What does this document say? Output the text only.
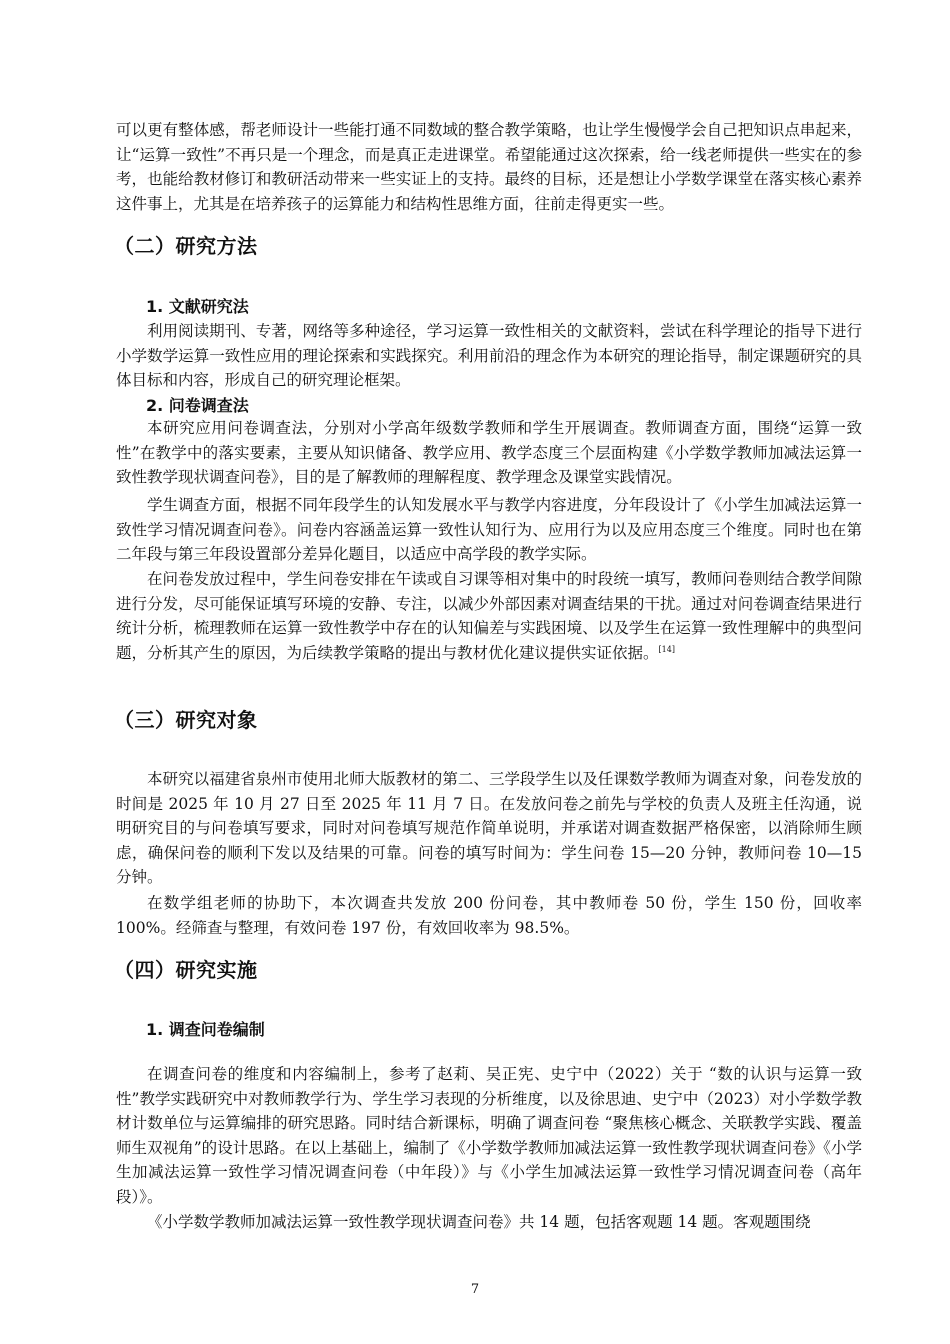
可以更有整体感，帮老师设计一些能打通不同数域的整合教学策略，也让学生慢慢学会自己把知识点串起来，让“运算一致性”不再只是一个理念，而是真正走进课堂。希望能通过这次探索，给一线老师提供一些实在的参考，也能给教材修订和教研活动带来一些实证上的支持。最终的目标，还是想让小学数学课堂在落实核心素养这件事上，尤其是在培养孩子的运算能力和结构性思维方面，往前走得更实一些。

（二）研究方法
1. 文献研究法

利用阅读期刊、专著，网络等多种途径，学习运算一致性相关的文献资料，尝试在科学理论的指导下进行小学数学运算一致性应用的理论探索和实践探究。利用前沿的理念作为本研究的理论指导，制定课题研究的具体目标和内容，形成自己的研究理论框架。

2. 问卷调查法

本研究应用问卷调查法，分别对小学高年级数学教师和学生开展调查。教师调查方面，围绕“运算一致性”在教学中的落实要素，主要从知识储备、教学应用、教学态度三个层面构建《小学数学教师加减法运算一致性教学现状调查问卷》，目的是了解教师的理解程度、教学理念及课堂实践情况。

学生调查方面，根据不同年段学生的认知发展水平与教学内容进度，分年段设计了《小学生加减法运算一致性学习情况调查问卷》。问卷内容涵盖运算一致性认知行为、应用行为以及应用态度三个维度。同时也在第二年段与第三年段设置部分差异化题目，以适应中高学段的教学实际。

在问卷发放过程中，学生问卷安排在午读或自习课等相对集中的时段统一填写，教师问卷则结合教学间隙进行分发，尽可能保证填写环境的安静、专注，以减少外部因素对调查结果的干扰。通过对问卷调查结果进行统计分析，梳理教师在运算一致性教学中存在的认知偏差与实践困境、以及学生在运算一致性理解中的典型问题，分析其产生的原因，为后续教学策略的提出与教材优化建议提供实证依据。[14]

（三）研究对象

本研究以福建省泉州市使用北师大版教材的第二、三学段学生以及任课数学教师为调查对象，问卷发放的时间是 2025 年 10 月 27 日至 2025 年 11 月 7 日。在发放问卷之前先与学校的负责人及班主任沟通，说明研究目的与问卷填写要求，同时对问卷填写规范作简单说明，并承诺对调查数据严格保密，以消除师生顾虑，确保问卷的顺利下发以及结果的可靠。问卷的填写时间为：学生问卷 15—20 分钟，教师问卷 10—15 分钟。

在数学组老师的协助下，本次调查共发放 200 份问卷，其中教师卷 50 份，学生 150 份，回收率 100%。经筛查与整理，有效问卷 197 份，有效回收率为 98.5%。

（四）研究实施
1. 调查问卷编制

在调查问卷的维度和内容编制上，参考了赵莉、吴正宪、史宁中（2022）关于 “数的认识与运算一致性”教学实践研究中对教师教学行为、学生学习表现的分析维度，以及徐思迪、史宁中（2023）对小学数学教材计数单位与运算编排的研究思路。同时结合新课标，明确了调查问卷 “聚焦核心概念、关联教学实践、覆盖师生双视角”的设计思路。在以上基础上，编制了《小学数学教师加减法运算一致性教学现状调查问卷》《小学生加减法运算一致性学习情况调查问卷（中年段）》与《小学生加减法运算一致性学习情况调查问卷（高年段）》。

《小学数学教师加减法运算一致性教学现状调查问卷》共 14 题，包括客观题 14 题。客观题围绕

7
